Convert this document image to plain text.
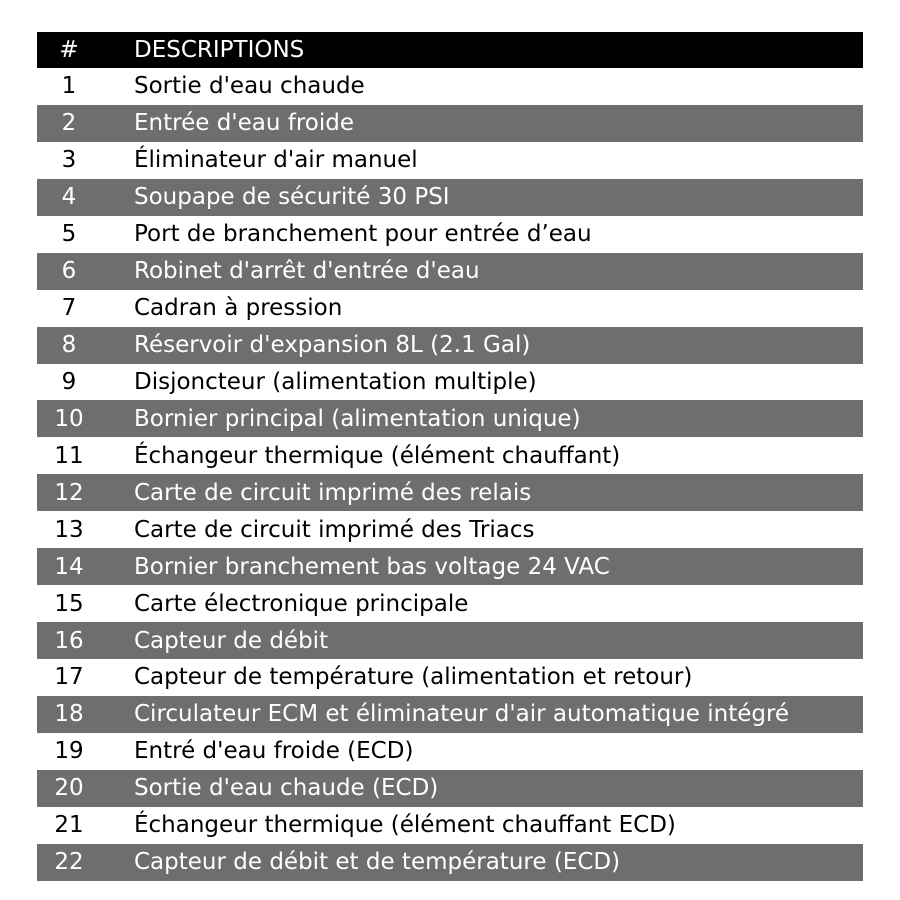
#	DESCRIPTIONS
1	Sortie d'eau chaude
2	Entrée d'eau froide
3	Éliminateur d'air manuel
4	Soupape de sécurité 30 PSI
5	Port de branchement pour entrée d’eau
6	Robinet d'arrêt d'entrée d'eau
7	Cadran à pression
8	Réservoir d'expansion 8L (2.1 Gal)
9	Disjoncteur (alimentation multiple)
10	Bornier principal (alimentation unique)
11	Échangeur thermique (élément chauffant)
12	Carte de circuit imprimé des relais
13	Carte de circuit imprimé des Triacs
14	Bornier branchement bas voltage 24 VAC
15	Carte électronique principale
16	Capteur de débit
17	Capteur de température (alimentation et retour)
18	Circulateur ECM et éliminateur d'air automatique intégré
19	Entré d'eau froide (ECD)
20	Sortie d'eau chaude (ECD)
21	Échangeur thermique (élément chauffant ECD)
22	Capteur de débit et de température (ECD)
